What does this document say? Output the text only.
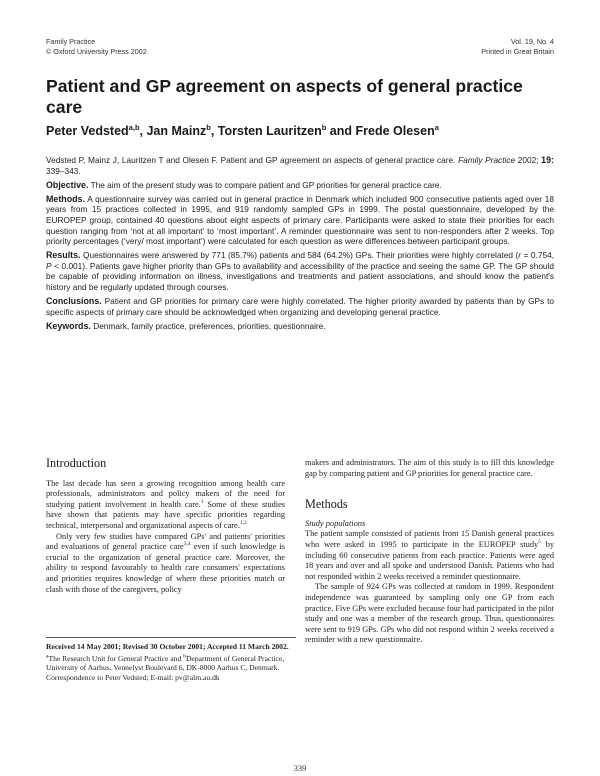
Family Practice
© Oxford University Press 2002
Vol. 19, No. 4
Printed in Great Britain
Patient and GP agreement on aspects of general practice care
Peter Vedsted$^{a,b}$, Jan Mainz$^b$, Torsten Lauritzen$^b$ and Frede Olesen$^a$

Vedsted P, Mainz J, Lauritzen T and Olesen F. Patient and GP agreement on aspects of general practice care. Family Practice 2002; 19: 339–343.

Objective. The aim of the present study was to compare patient and GP priorities for general practice care.

Methods. A questionnaire survey was carried out in general practice in Denmark which included 900 consecutive patients aged over 18 years from 15 practices collected in 1995, and 919 randomly sampled GPs in 1999. The postal questionnaire, developed by the EUROPEP group, contained 40 questions about eight aspects of primary care. Participants were asked to state their priorities for each question ranging from ‘not at all important’ to ‘most important’. A reminder questionnaire was sent to non-responders after 2 weeks. Top priority percentages (‘very/ most important’) were calculated for each question as were differences between participant groups.

Results. Questionnaires were answered by 771 (85.7%) patients and 584 (64.2%) GPs. Their priorities were highly correlated (r = 0.754, P < 0.001). Patients gave higher priority than GPs to availability and accessibility of the practice and seeing the same GP. The GP should be capable of providing information on illness, investigations and treatments and patient associations, and should know the patient's history and be regularly updated through courses.

Conclusions. Patient and GP priorities for primary care were highly correlated. The higher priority awarded by patients than by GPs to specific aspects of primary care should be acknowledged when organizing and developing general practice.

Keywords. Denmark, family practice, preferences, priorities, questionnaire.

Introduction

The last decade has seen a growing recognition among health care professionals, administrators and policy makers of the need for studying patient involvement in health care.$^1$ Some of these studies have shown that patients may have specific priorities regarding technical, interpersonal and organizational aspects of care.$^{1,2}$

Only very few studies have compared GPs' and patients' priorities and evaluations of general practice care$^{3,4}$ even if such knowledge is crucial to the organization of general practice care. Moreover, the ability to respond favourably to health care consumers' expectations and priorities requires knowledge of where these priorities match or clash with those of the caregivers, policy

makers and administrators. The aim of this study is to fill this knowledge gap by comparing patient and GP priorities for general practice care.

Methods
Study populations

The patient sample consisted of patients from 15 Danish general practices who were asked in 1995 to participate in the EUROPEP study$^5$ by including 60 consecutive patients from each practice. Patients were aged 18 years and over and all spoke and understood Danish. Patients who had not responded within 2 weeks received a reminder questionnaire.

The sample of 924 GPs was collected at random in 1999. Respondent independence was guaranteed by sampling only one GP from each practice. Five GPs were excluded because four had participated in the pilot study and one was a member of the research group. Thus, questionnaires were sent to 919 GPs. GPs who did not respond within 2 weeks received a reminder with a new questionnaire.

Received 14 May 2001; Revised 30 October 2001; Accepted 11 March 2002.

$^a$The Research Unit for General Practice and $^b$Department of General Practice, University of Aarhus, Vennelyst Boulevard 6, DK-8000 Aarhus C, Denmark. Correspondence to Peter Vedsted; E-mail: pv@alm.au.dk

339
